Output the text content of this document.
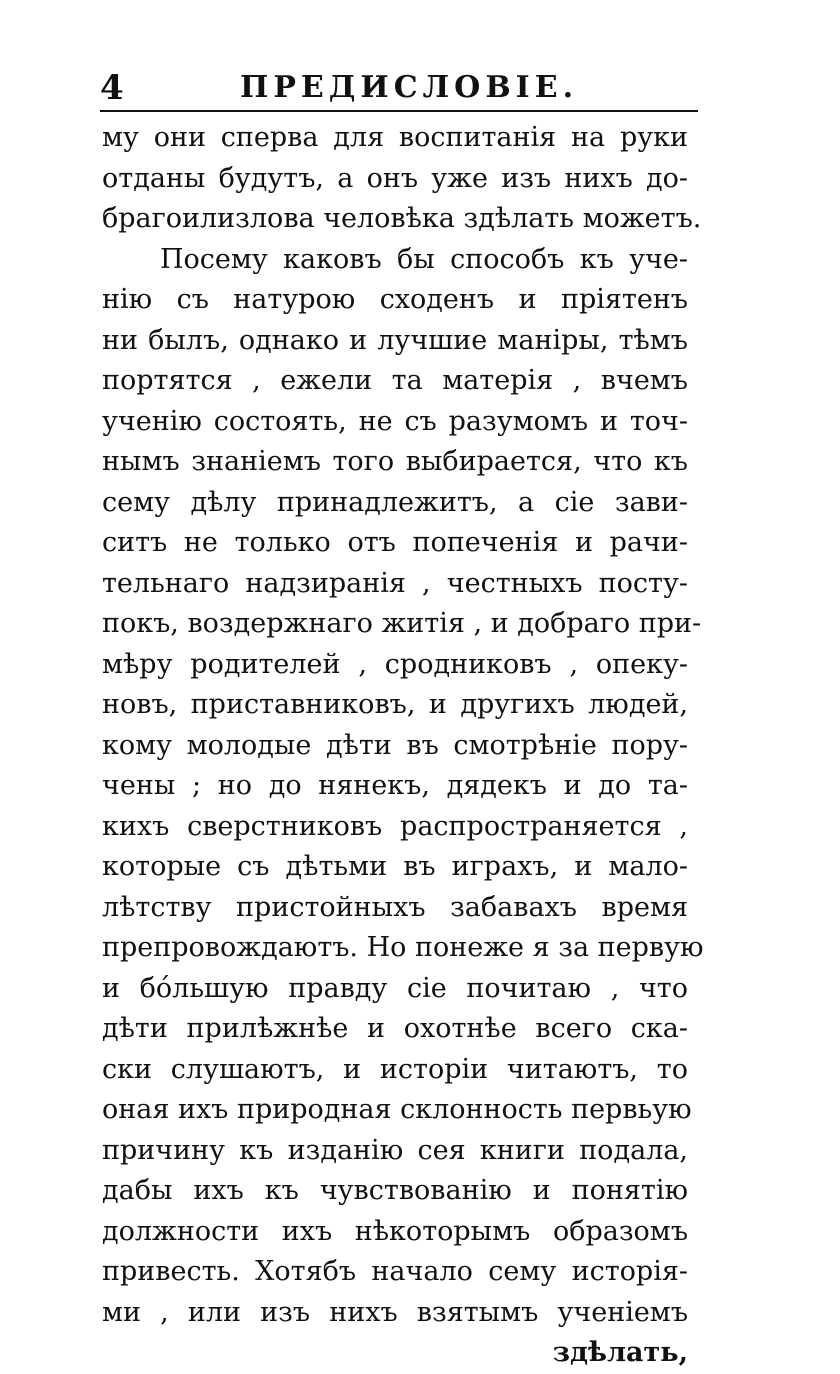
4	ПРЕДИСЛОВІЕ.
му они сперва для воспитанія на руки
отданы будутъ, а онъ уже изъ нихъ до-
брагоилизлова человѣка здѣлать можетъ.
Посему каковъ бы способъ къ уче-
нію съ натурою сходенъ и пріятенъ
ни былъ, однако и лучшие маніры, тѣмъ
портятся , ежели та матерія , вчемъ
ученію состоять, не съ разумомъ и точ-
нымъ знаніемъ того выбирается, что къ
сему дѣлу принадлежитъ, а сіе зави-
ситъ не только отъ попеченія и рачи-
тельнаго надзиранія , честныхъ посту-
покъ, воздержнаго житія , и добраго при-
мѣру родителей , сродниковъ , опеку-
новъ, приставниковъ, и другихъ людей,
кому молодые дѣти въ смотрѣніе пору-
чены ; но до нянекъ, дядекъ и до та-
кихъ сверстниковъ распространяется ,
которые съ дѣтьми въ играхъ, и мало-
лѣтству пристойныхъ забавахъ время
препровождаютъ. Но понеже я за первую
и бо́льшую правду сіе почитаю , что
дѣти прилѣжнѣе и охотнѣе всего ска-
ски слушаютъ, и исторіи читаютъ, то
оная ихъ природная склонность первьую
причину къ изданію сея книги подала,
дабы ихъ къ чувствованію и понятію
должности ихъ нѣкоторымъ образомъ
привесть. Хотябъ начало сему исторія-
ми , или изъ нихъ взятымъ ученіемъ
здѣлать,
